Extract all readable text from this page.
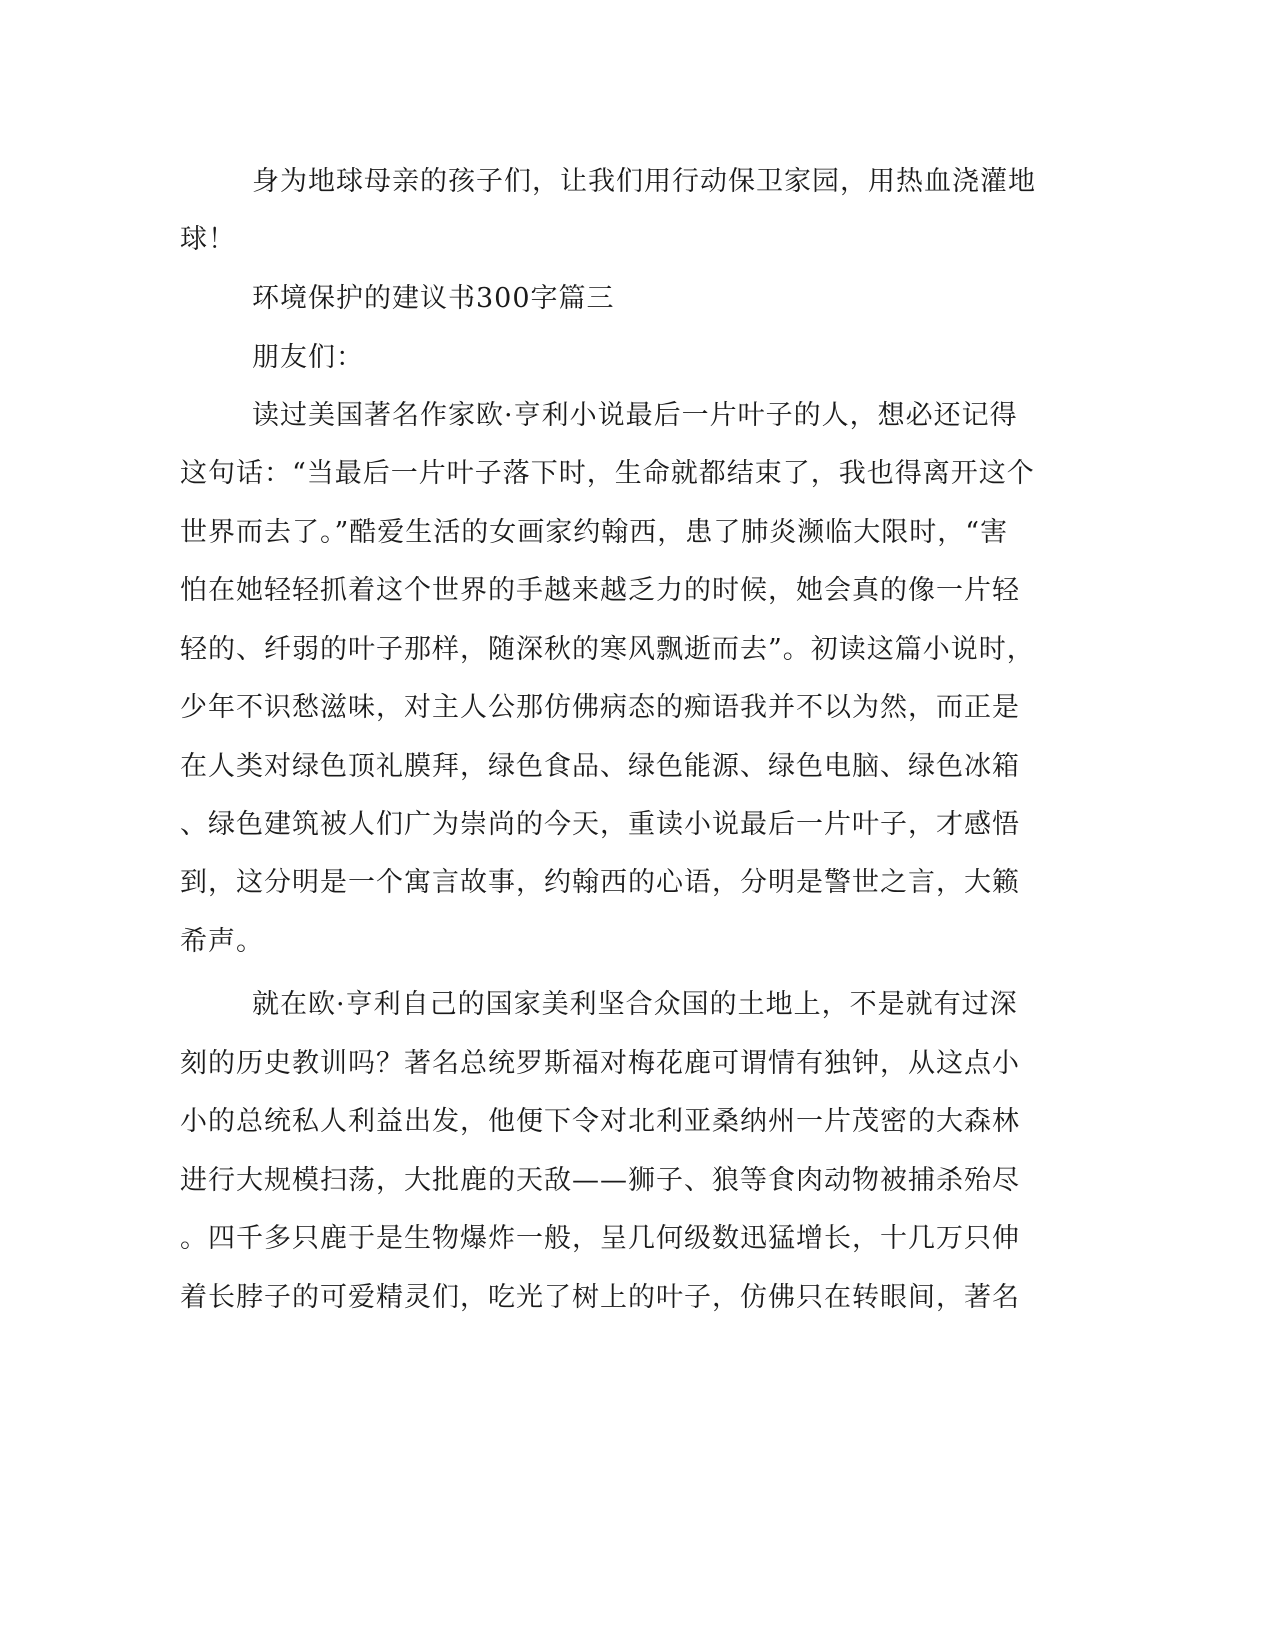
身为地球母亲的孩子们，让我们用行动保卫家园，用热血浇灌地
球！
环境保护的建议书300字篇三
朋友们：
读过美国著名作家欧·亨利小说最后一片叶子的人，想必还记得
这句话：“当最后一片叶子落下时，生命就都结束了，我也得离开这个
世界而去了。”酷爱生活的女画家约翰西，患了肺炎濒临大限时，“害
怕在她轻轻抓着这个世界的手越来越乏力的时候，她会真的像一片轻
轻的、纤弱的叶子那样，随深秋的寒风飘逝而去”。初读这篇小说时，
少年不识愁滋味，对主人公那仿佛病态的痴语我并不以为然，而正是
在人类对绿色顶礼膜拜，绿色食品、绿色能源、绿色电脑、绿色冰箱
、绿色建筑被人们广为崇尚的今天，重读小说最后一片叶子，才感悟
到，这分明是一个寓言故事，约翰西的心语，分明是警世之言，大籁
希声。
就在欧·亨利自己的国家美利坚合众国的土地上，不是就有过深
刻的历史教训吗？著名总统罗斯福对梅花鹿可谓情有独钟，从这点小
小的总统私人利益出发，他便下令对北利亚桑纳州一片茂密的大森林
进行大规模扫荡，大批鹿的天敌——狮子、狼等食肉动物被捕杀殆尽
。四千多只鹿于是生物爆炸一般，呈几何级数迅猛增长，十几万只伸
着长脖子的可爱精灵们，吃光了树上的叶子，仿佛只在转眼间，著名
